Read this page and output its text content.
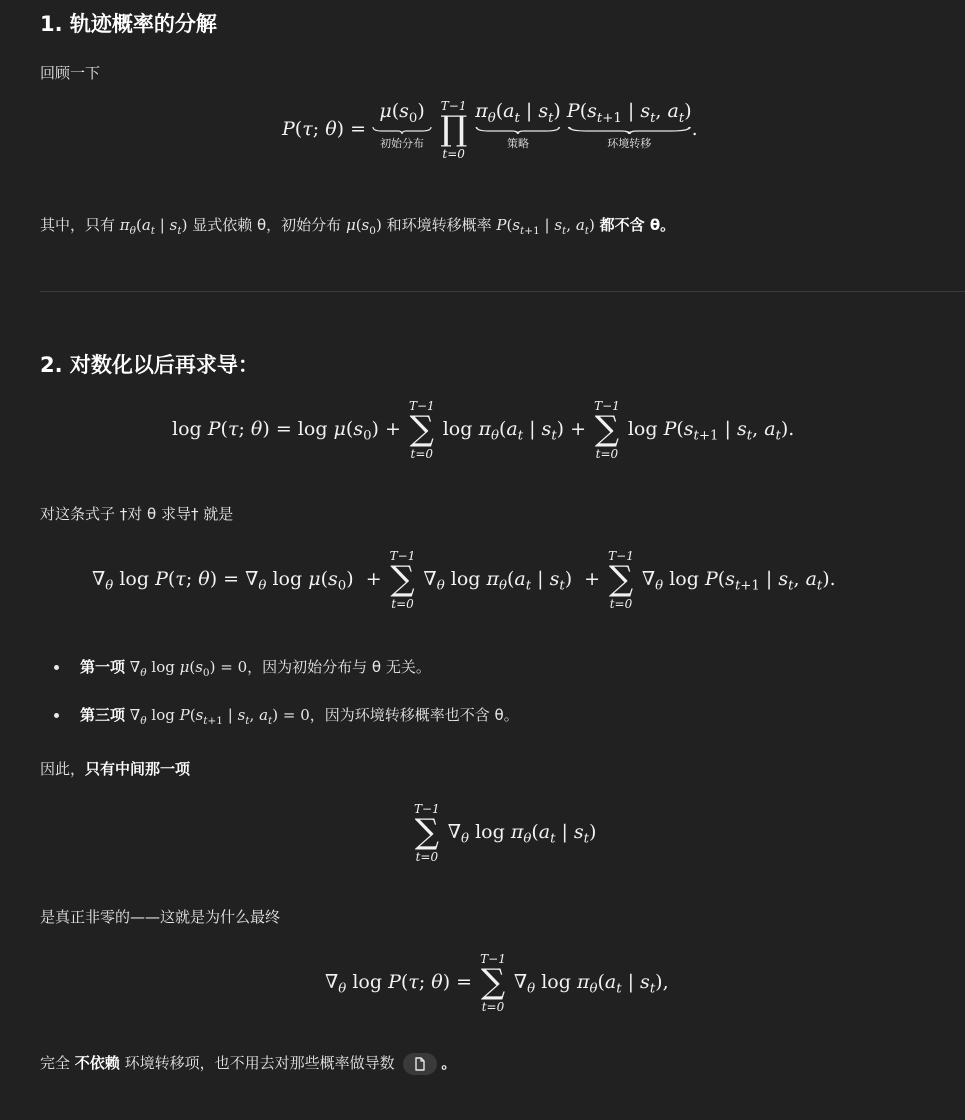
1. 轨迹概率的分解
回顾一下
P(τ; θ) =
$\mu(s_0)$
初始分布

T−1
∏
t=0

$\pi_\theta(a_t$ | $s_t$)
策略

$P(s_{t+1}$ | $s_t$, $a_t$)
环境转移
.
其中，只有 $\pi_\theta(a_t$ | $s_t$) 显式依赖 θ，初始分布 $\mu(s_0)$ 和环境转移概率 $P(s_{t+1}$ | $s_t$, $a_t$) 都不含 θ。
2. 对数化以后再求导：
log P(τ; $\theta) = \log \mu(s_0)$ +
T−1
∑
t=0
$\log \pi_\theta(a_t$ | $s_t$) +
T−1
∑
t=0
$\log P(s_{t+1}$ | $s_t$, $a_t$).
对这条式子 †对 θ 求导† 就是
$\nabla_\theta$ log P(τ; $\theta) = \nabla_\theta$ $\log \mu(s_0)$  +
T−1
∑
t=0
$\nabla_\theta$ $\log \pi_\theta(a_t$ | $s_t$)  +
T−1
∑
t=0
$\nabla_\theta$ $\log P(s_{t+1}$ | $s_t$, $a_t$).
第一项 $\nabla_\theta$ $\log \mu(s_0) = 0$，因为初始分布与 θ 无关。
第三项 $\nabla_\theta$ $\log P(s_{t+1}$ | $s_t$, $a_t) = 0$，因为环境转移概率也不含 θ。
因此，只有中间那一项
T−1
∑
t=0
$\nabla_\theta$ $\log \pi_\theta(a_t$ | $s_t$)
是真正非零的——这就是为什么最终
$\nabla_\theta$ log P(τ; θ) =
T−1
∑
t=0
$\nabla_\theta$ $\log \pi_\theta(a_t$ | $s_t$),
完全 不依赖 环境转移项，也不用去对那些概率做导数	。
